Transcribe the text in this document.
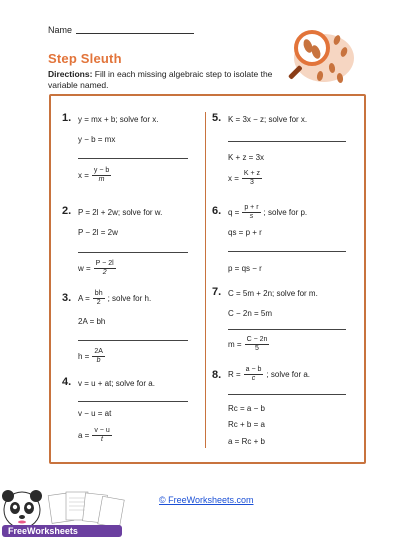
Name
Step Sleuth
Directions: Fill in each missing algebraic step to isolate the variable named.
1. y = mx + b; solve for x.
y − b = mx
$x = \frac{y - b}{m}$
2. P = 2l + 2w; solve for w.
P − 2l = 2w
$w = \frac{P - 2l}{2}$
3. $A = \frac{bh}{2}$ ; solve for h.
2A = bh
$h = \frac{2A}{b}$
4. v = u + at; solve for a.
v − u = at
$a = \frac{v - u}{t}$
5. K = 3x − z; solve for x.
K + z = 3x
$x = \frac{K + z}{3}$
6. $q = \frac{p + r}{s}$ ; solve for p.
qs = p + r
p = qs − r
7. C = 5m + 2n; solve for m.
C − 2n = 5m
$m = \frac{C - 2n}{5}$
8. $R = \frac{a - b}{c}$ ; solve for a.
Rc = a − b
Rc + b = a
a = Rc + b
FreeWorksheets
© FreeWorksheets.com
